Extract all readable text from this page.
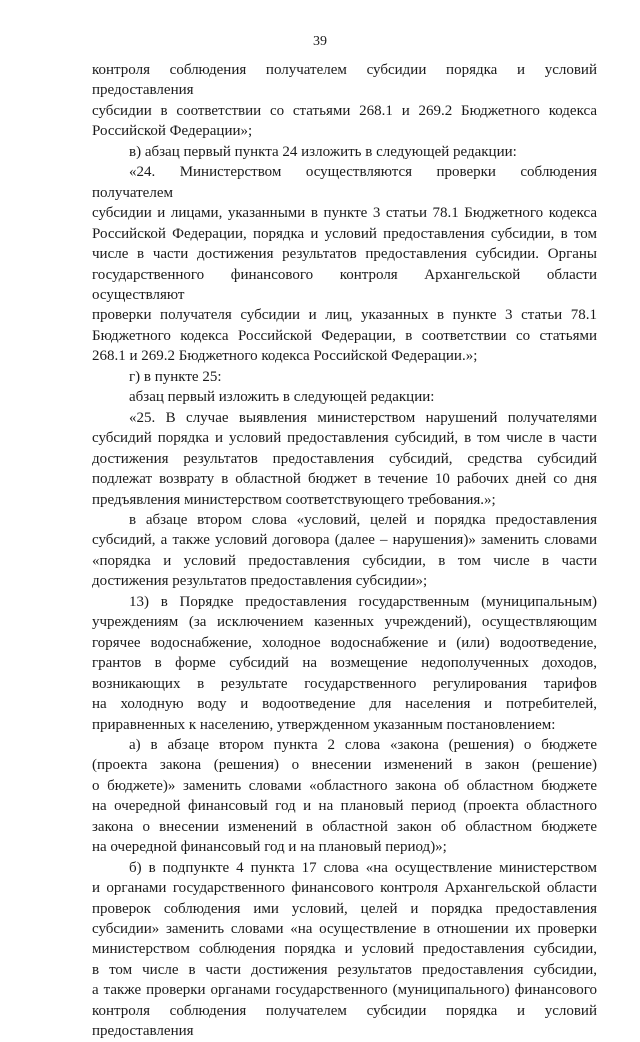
39

контроля соблюдения получателем субсидии порядка и условий предоставления

субсидии в соответствии со статьями 268.1 и 269.2 Бюджетного кодекса

Российской Федерации»;

в) абзац первый пункта 24 изложить в следующей редакции:

«24. Министерством осуществляются проверки соблюдения получателем

субсидии и лицами, указанными в пункте 3 статьи 78.1 Бюджетного кодекса

Российской Федерации, порядка и условий предоставления субсидии, в том

числе в части достижения результатов предоставления субсидии. Органы

государственного финансового контроля Архангельской области осуществляют

проверки получателя субсидии и лиц, указанных в пункте 3 статьи 78.1

Бюджетного кодекса Российской Федерации, в соответствии со статьями

268.1 и 269.2 Бюджетного кодекса Российской Федерации.»;

г) в пункте 25:

абзац первый изложить в следующей редакции:

«25. В случае выявления министерством нарушений получателями

субсидий порядка и условий предоставления субсидий, в том числе в части

достижения результатов предоставления субсидий, средства субсидий

подлежат возврату в областной бюджет в течение 10 рабочих дней со дня

предъявления министерством соответствующего требования.»;

в абзаце втором слова «условий, целей и порядка предоставления

субсидий, а также условий договора (далее – нарушения)» заменить словами

«порядка и условий предоставления субсидии, в том числе в части

достижения результатов предоставления субсидии»;

13) в Порядке предоставления государственным (муниципальным)

учреждениям (за исключением казенных учреждений), осуществляющим

горячее водоснабжение, холодное водоснабжение и (или) водоотведение,

грантов в форме субсидий на возмещение недополученных доходов,

возникающих в результате государственного регулирования тарифов

на холодную воду и водоотведение для населения и потребителей,

приравненных к населению, утвержденном указанным постановлением:

а) в абзаце втором пункта 2 слова «закона (решения) о бюджете

(проекта закона (решения) о внесении изменений в закон (решение)

о бюджете)» заменить словами «областного закона об областном бюджете

на очередной финансовый год и на плановый период (проекта областного

закона о внесении изменений в областной закон об областном бюджете

на очередной финансовый год и на плановый период)»;

б) в подпункте 4 пункта 17 слова «на осуществление министерством

и органами государственного финансового контроля Архангельской области

проверок соблюдения ими условий, целей и порядка предоставления

субсидии» заменить словами «на осуществление в отношении их проверки

министерством соблюдения порядка и условий предоставления субсидии,

в том числе в части достижения результатов предоставления субсидии,

а также проверки органами государственного (муниципального) финансового

контроля соблюдения получателем субсидии порядка и условий предоставления
